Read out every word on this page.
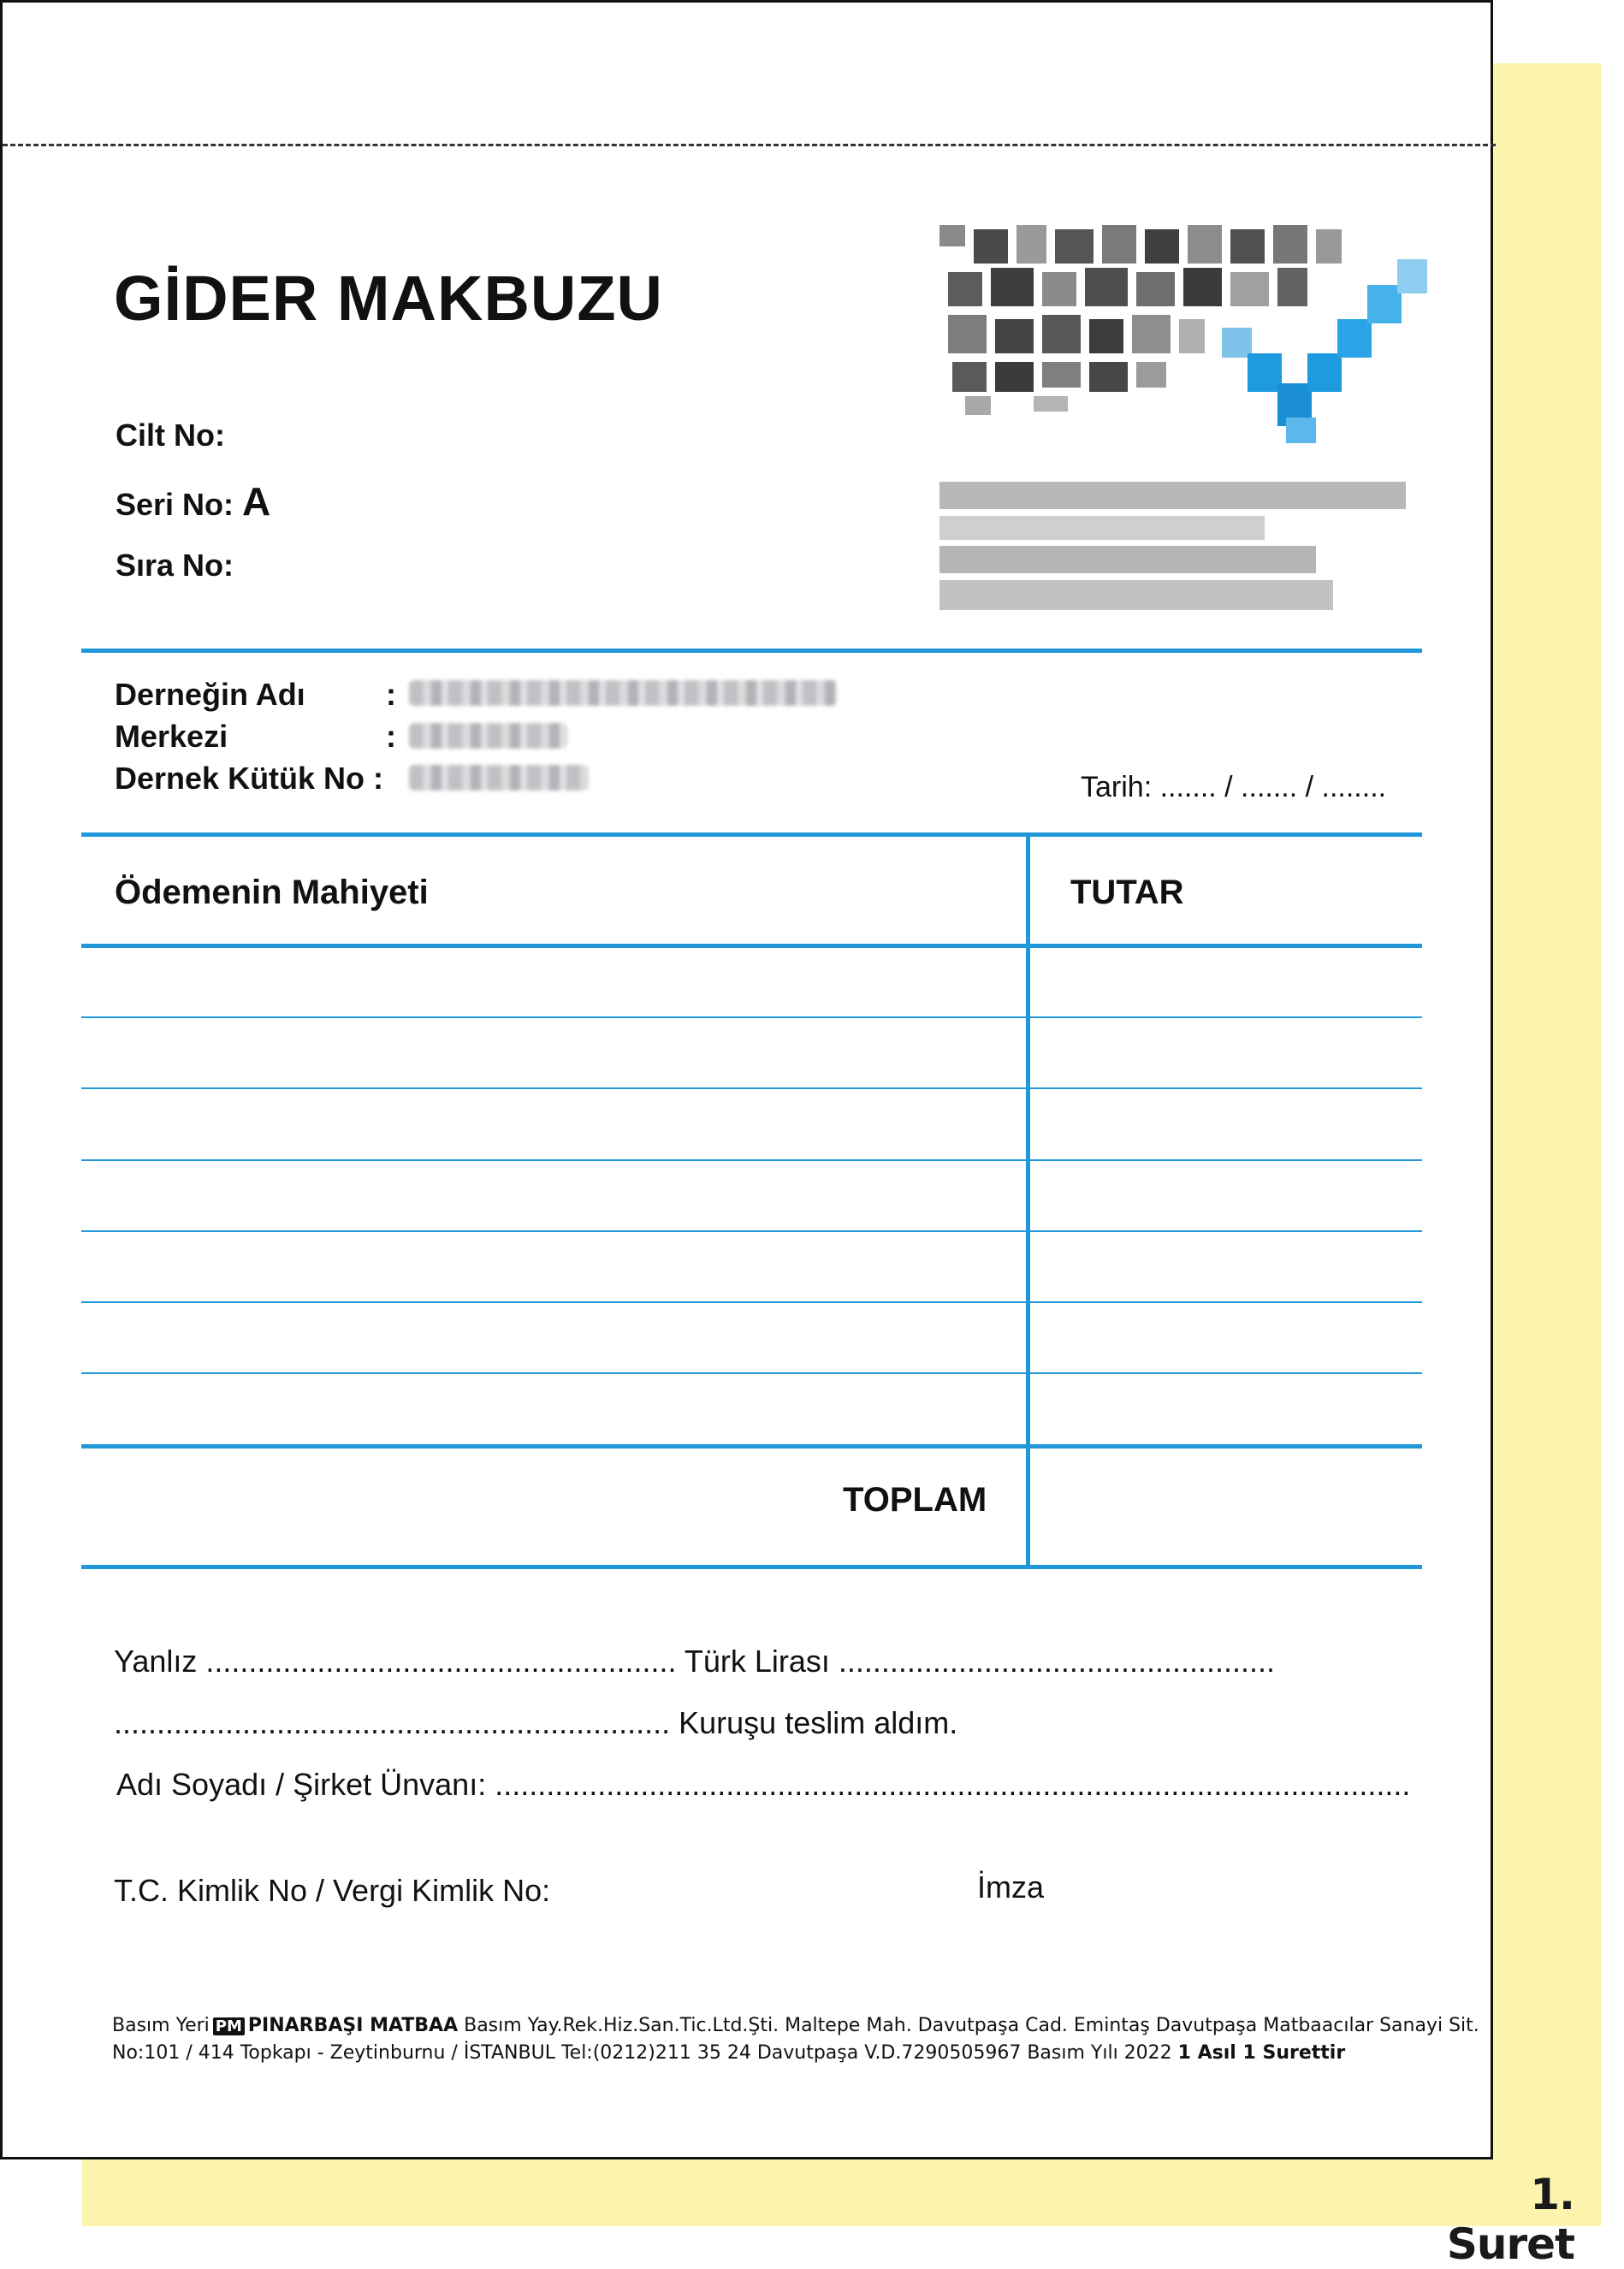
1. Suret
GİDER MAKBUZU
Cilt No:
Seri No: A
Sıra No:
Derneğin Adı	:
Merkezi	:
Dernek Kütük No :	Tarih: ....... / ....... / ........
Ödemenin Mahiyeti	TUTAR
TOPLAM
Yanlız ....................................................... Türk Lirası ...................................................
................................................................. Kuruşu teslim aldım.
Adı Soyadı / Şirket Ünvanı: ...........................................................................................................
T.C. Kimlik No / Vergi Kimlik No:	İmza
Basım Yeri PM PINARBAŞI MATBAA Basım Yay.Rek.Hiz.San.Tic.Ltd.Şti. Maltepe Mah. Davutpaşa Cad. Emintaş Davutpaşa Matbaacılar Sanayi Sit.
No:101 / 414 Topkapı - Zeytinburnu / İSTANBUL Tel:(0212)211 35 24 Davutpaşa V.D.7290505967 Basım Yılı 2022 1 Asıl 1 Surettir
